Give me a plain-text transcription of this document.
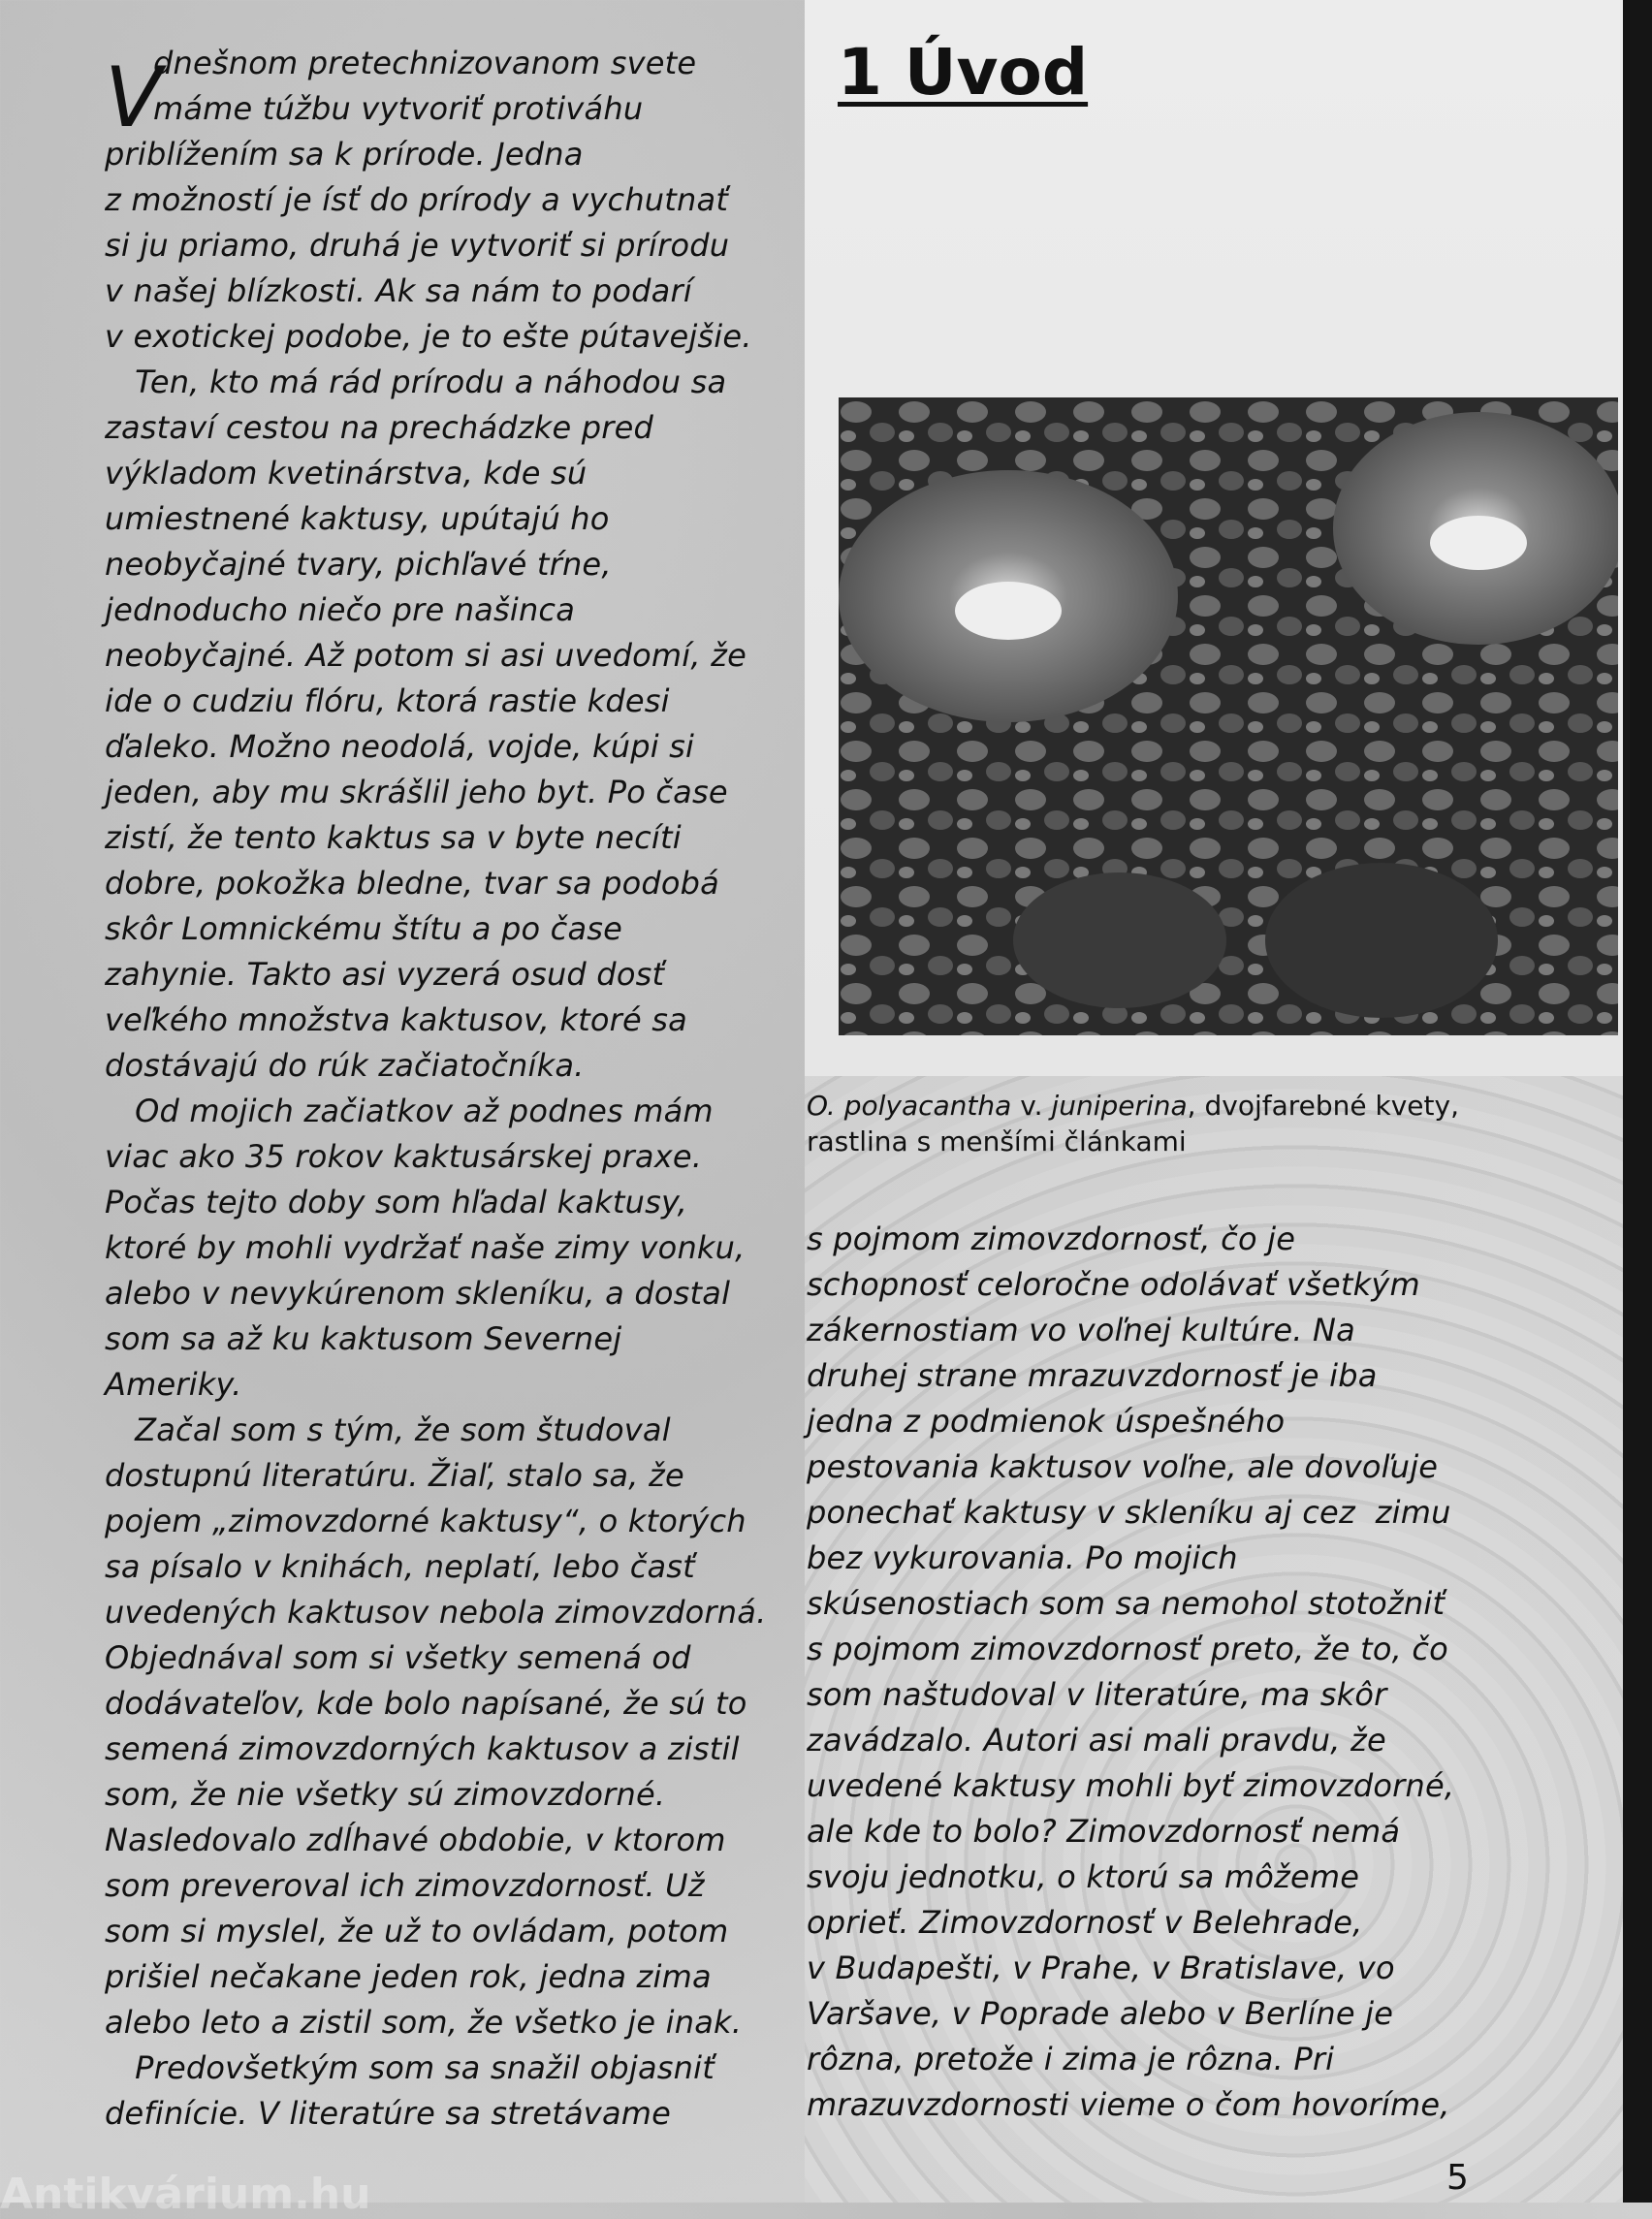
V
dnešnom pretechnizovanom svete
máme túžbu vytvoriť protiváhu
priblížením sa k prírode. Jedna
z možností je ísť do prírody a vychutnať
si ju priamo, druhá je vytvoriť si prírodu
v našej blízkosti. Ak sa nám to podarí
v exotickej podobe, je to ešte pútavejšie.
Ten, kto má rád prírodu a náhodou sa
zastaví cestou na prechádzke pred
výkladom kvetinárstva, kde sú
umiestnené kaktusy, upútajú ho
neobyčajné tvary, pichľavé tŕne,
jednoducho niečo pre našinca
neobyčajné. Až potom si asi uvedomí, že
ide o cudziu flóru, ktorá rastie kdesi
ďaleko. Možno neodolá, vojde, kúpi si
jeden, aby mu skrášlil jeho byt. Po čase
zistí, že tento kaktus sa v byte necíti
dobre, pokožka bledne, tvar sa podobá
skôr Lomnickému štítu a po čase
zahynie. Takto asi vyzerá osud dosť
veľkého množstva kaktusov, ktoré sa
dostávajú do rúk začiatočníka.
Od mojich začiatkov až podnes mám
viac ako 35 rokov kaktusárskej praxe.
Počas tejto doby som hľadal kaktusy,
ktoré by mohli vydržať naše zimy vonku,
alebo v nevykúrenom skleníku, a dostal
som sa až ku kaktusom Severnej
Ameriky.
Začal som s tým, že som študoval
dostupnú literatúru. Žiaľ, stalo sa, že
pojem „zimovzdorné kaktusy“, o ktorých
sa písalo v knihách, neplatí, lebo časť
uvedených kaktusov nebola zimovzdorná.
Objednával som si všetky semená od
dodávateľov, kde bolo napísané, že sú to
semená zimovzdorných kaktusov a zistil
som, že nie všetky sú zimovzdorné.
Nasledovalo zdĺhavé obdobie, v ktorom
som preveroval ich zimovzdornosť. Už
som si myslel, že už to ovládam, potom
prišiel nečakane jeden rok, jedna zima
alebo leto a zistil som, že všetko je inak.
Predovšetkým som sa snažil objasniť
definície. V literatúre sa stretávame
1 Úvod
O. polyacantha v. juniperina, dvojfarebné kvety,
rastlina s menšími článkami
s pojmom zimovzdornosť, čo je
schopnosť celoročne odolávať všetkým
zákernostiam vo voľnej kultúre. Na
druhej strane mrazuvzdornosť je iba
jedna z podmienok úspešného
pestovania kaktusov voľne, ale dovoľuje
ponechať kaktusy v skleníku aj cez  zimu
bez vykurovania. Po mojich
skúsenostiach som sa nemohol stotožniť
s pojmom zimovzdornosť preto, že to, čo
som naštudoval v literatúre, ma skôr
zavádzalo. Autori asi mali pravdu, že
uvedené kaktusy mohli byť zimovzdorné,
ale kde to bolo? Zimovzdornosť nemá
svoju jednotku, o ktorú sa môžeme
oprieť. Zimovzdornosť v Belehrade,
v Budapešti, v Prahe, v Bratislave, vo
Varšave, v Poprade alebo v Berlíne je
rôzna, pretože i zima je rôzna. Pri
mrazuvzdornosti vieme o čom hovoríme,
5
Antikvárium.hu
